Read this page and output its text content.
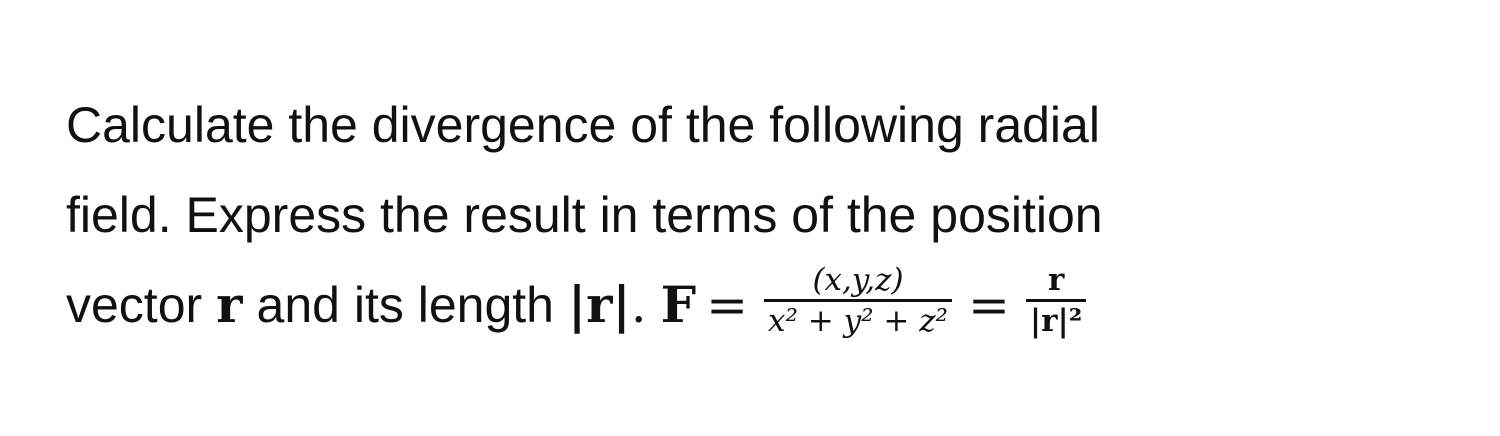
Calculate the divergence of the following radial
field. Express the result in terms of the position
vector r and its length |r|. $F = \frac{(x,y,z)}{\text{x² + y² + z²}} = \frac{r}{\text{|r|²}}$
